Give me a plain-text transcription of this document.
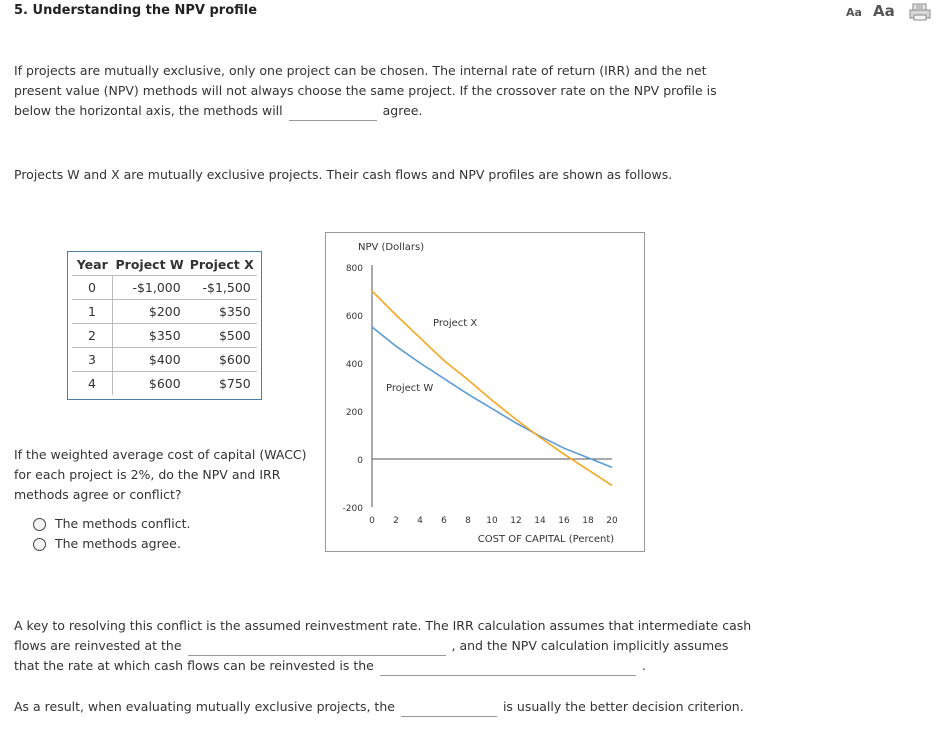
5. Understanding the NPV profile	Aa Aa
If projects are mutually exclusive, only one project can be chosen. The internal rate of return (IRR) and the net
present value (NPV) methods will not always choose the same project. If the crossover rate on the NPV profile is
below the horizontal axis, the methods will	agree.
Projects W and X are mutually exclusive projects. Their cash flows and NPV profiles are shown as follows.
Year	Project W	Project X
0	-$1,000	-$1,500
1	$200	$350
2	$350	$500
3	$400	$600
4	$600	$750
If the weighted average cost of capital (WACC)
for each project is 2%, do the NPV and IRR
methods agree or conflict?
The methods conflict.
The methods agree.
NPV (Dollars)
COST OF CAPITAL (Percent)
800
600
400
200
0
-200
0 2 4 6 8 10 12 14 16 18 20
Project X
Project W
A key to resolving this conflict is the assumed reinvestment rate. The IRR calculation assumes that intermediate cash
flows are reinvested at the	, and the NPV calculation implicitly assumes
that the rate at which cash flows can be reinvested is the	.
As a result, when evaluating mutually exclusive projects, the	is usually the better decision criterion.
